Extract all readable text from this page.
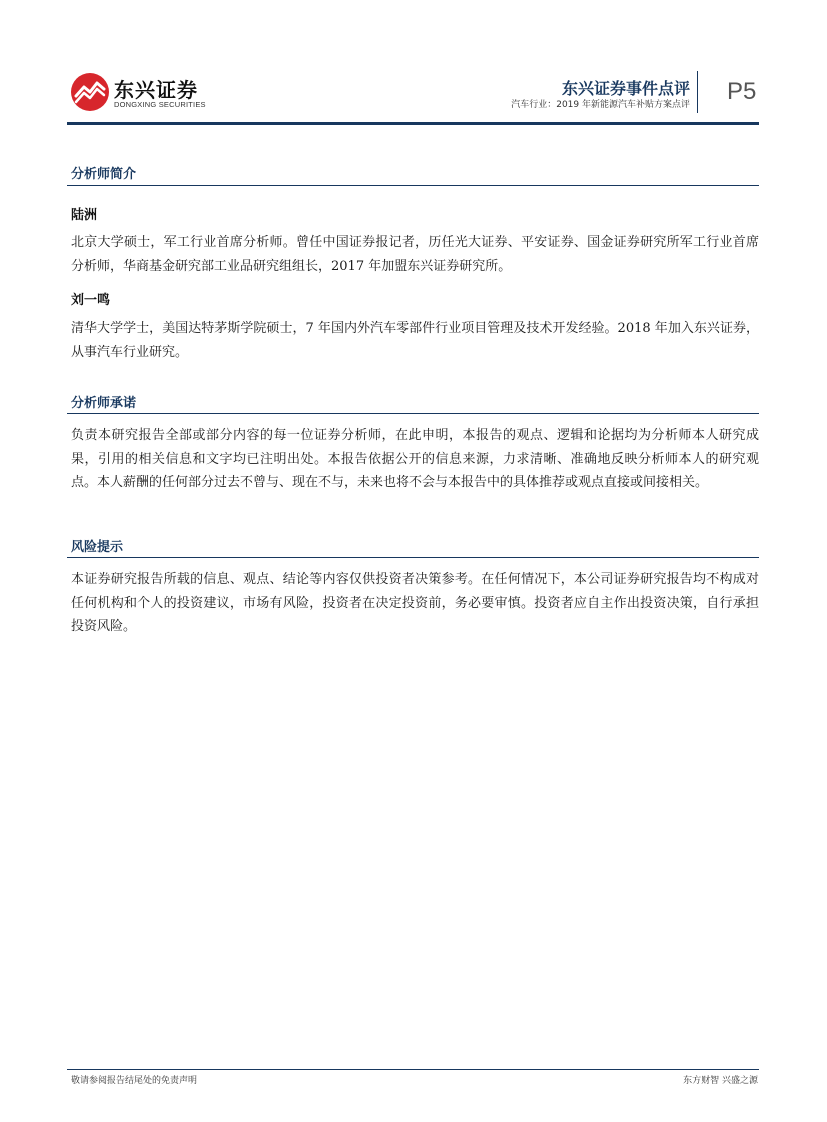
东兴证券
DONGXING SECURITIES
东兴证券事件点评
汽车行业：2019 年新能源汽车补贴方案点评 P5
分析师简介
陆洲
北京大学硕士，军工行业首席分析师。曾任中国证券报记者，历任光大证券、平安证券、国金证券研究所军工行业首席分析师，华商基金研究部工业品研究组组长，2017 年加盟东兴证券研究所。
刘一鸣
清华大学学士，美国达特茅斯学院硕士，7 年国内外汽车零部件行业项目管理及技术开发经验。2018 年加入东兴证券，从事汽车行业研究。
分析师承诺
负责本研究报告全部或部分内容的每一位证券分析师，在此申明，本报告的观点、逻辑和论据均为分析师本人研究成果，引用的相关信息和文字均已注明出处。本报告依据公开的信息来源，力求清晰、准确地反映分析师本人的研究观点。本人薪酬的任何部分过去不曾与、现在不与，未来也将不会与本报告中的具体推荐或观点直接或间接相关。
风险提示
本证券研究报告所载的信息、观点、结论等内容仅供投资者决策参考。在任何情况下，本公司证券研究报告均不构成对任何机构和个人的投资建议，市场有风险，投资者在决定投资前，务必要审慎。投资者应自主作出投资决策，自行承担投资风险。
敬请参阅报告结尾处的免责声明	东方财智 兴盛之源
